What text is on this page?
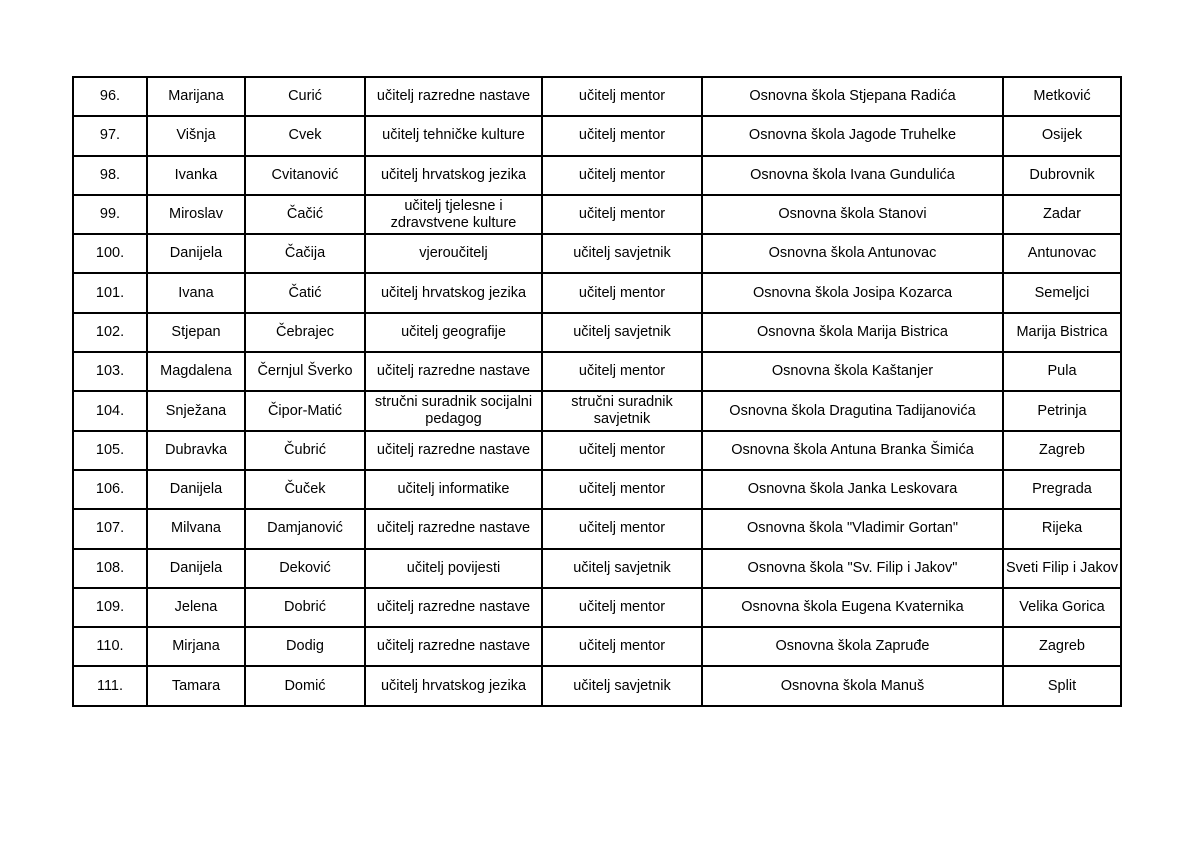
96.	Marijana	Curić	učitelj razredne nastave	učitelj mentor	Osnovna škola Stjepana Radića	Metković
97.	Višnja	Cvek	učitelj tehničke kulture	učitelj mentor	Osnovna škola Jagode Truhelke	Osijek
98.	Ivanka	Cvitanović	učitelj hrvatskog jezika	učitelj mentor	Osnovna škola Ivana Gundulića	Dubrovnik
99.	Miroslav	Čačić	učitelj tjelesne i zdravstvene kulture	učitelj mentor	Osnovna škola Stanovi	Zadar
100.	Danijela	Čačija	vjeroučitelj	učitelj savjetnik	Osnovna škola Antunovac	Antunovac
101.	Ivana	Čatić	učitelj hrvatskog jezika	učitelj mentor	Osnovna škola Josipa Kozarca	Semeljci
102.	Stjepan	Čebrajec	učitelj geografije	učitelj savjetnik	Osnovna škola Marija Bistrica	Marija Bistrica
103.	Magdalena	Černjul Šverko	učitelj razredne nastave	učitelj mentor	Osnovna škola Kaštanjer	Pula
104.	Snježana	Čipor-Matić	stručni suradnik socijalni pedagog	stručni suradnik savjetnik	Osnovna škola Dragutina Tadijanovića	Petrinja
105.	Dubravka	Čubrić	učitelj razredne nastave	učitelj mentor	Osnovna škola Antuna Branka Šimića	Zagreb
106.	Danijela	Čuček	učitelj informatike	učitelj mentor	Osnovna škola Janka Leskovara	Pregrada
107.	Milvana	Damjanović	učitelj razredne nastave	učitelj mentor	Osnovna škola "Vladimir Gortan"	Rijeka
108.	Danijela	Deković	učitelj povijesti	učitelj savjetnik	Osnovna škola "Sv. Filip i Jakov"	Sveti Filip i Jakov
109.	Jelena	Dobrić	učitelj razredne nastave	učitelj mentor	Osnovna škola Eugena Kvaternika	Velika Gorica
110.	Mirjana	Dodig	učitelj razredne nastave	učitelj mentor	Osnovna škola Zapruđe	Zagreb
111.	Tamara	Domić	učitelj hrvatskog jezika	učitelj savjetnik	Osnovna škola Manuš	Split
